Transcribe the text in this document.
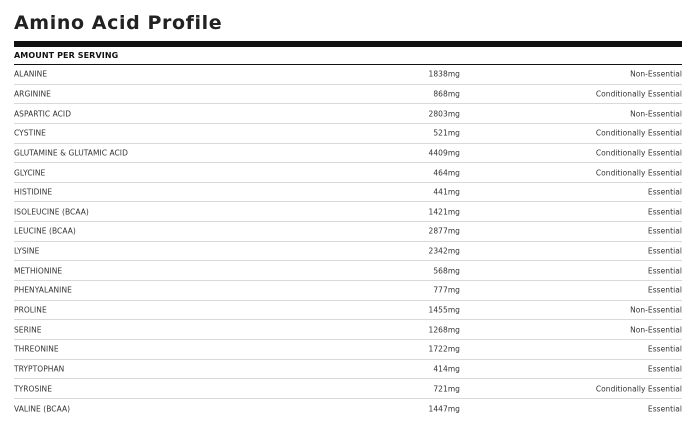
Amino Acid Profile
AMOUNT PER SERVING
ALANINE	1838mg	Non-Essential
ARGININE	868mg	Conditionally Essential
ASPARTIC ACID	2803mg	Non-Essential
CYSTINE	521mg	Conditionally Essential
GLUTAMINE & GLUTAMIC ACID	4409mg	Conditionally Essential
GLYCINE	464mg	Conditionally Essential
HISTIDINE	441mg	Essential
ISOLEUCINE (BCAA)	1421mg	Essential
LEUCINE (BCAA)	2877mg	Essential
LYSINE	2342mg	Essential
METHIONINE	568mg	Essential
PHENYALANINE	777mg	Essential
PROLINE	1455mg	Non-Essential
SERINE	1268mg	Non-Essential
THREONINE	1722mg	Essential
TRYPTOPHAN	414mg	Essential
TYROSINE	721mg	Conditionally Essential
VALINE (BCAA)	1447mg	Essential
